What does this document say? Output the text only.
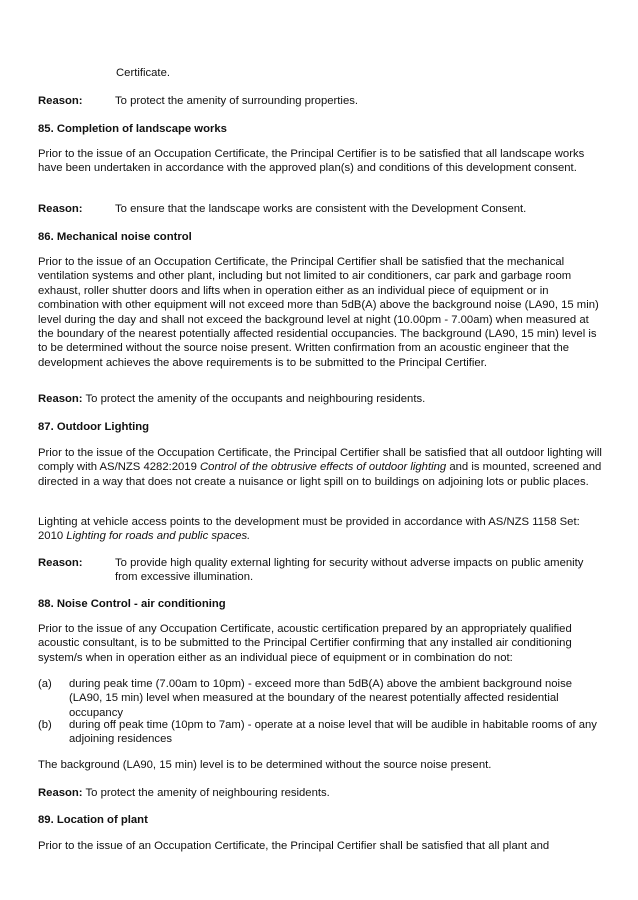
Certificate.

Reason:	To protect the amenity of surrounding properties.

85. Completion of landscape works

Prior to the issue of an Occupation Certificate, the Principal Certifier is to be satisfied that all landscape works have been undertaken in accordance with the approved plan(s) and conditions of this development consent.

Reason:	To ensure that the landscape works are consistent with the Development Consent.

86. Mechanical noise control

Prior to the issue of an Occupation Certificate, the Principal Certifier shall be satisfied that the mechanical ventilation systems and other plant, including but not limited to air conditioners, car park and garbage room exhaust, roller shutter doors and lifts when in operation either as an individual piece of equipment or in combination with other equipment will not exceed more than 5dB(A) above the background noise (LA90, 15 min) level during the day and shall not exceed the background level at night (10.00pm - 7.00am) when measured at the boundary of the nearest potentially affected residential occupancies. The background (LA90, 15 min) level is to be determined without the source noise present. Written confirmation from an acoustic engineer that the development achieves the above requirements is to be submitted to the Principal Certifier.

Reason: To protect the amenity of the occupants and neighbouring residents.

87. Outdoor Lighting

Prior to the issue of the Occupation Certificate, the Principal Certifier shall be satisfied that all outdoor lighting will comply with AS/NZS 4282:2019 Control of the obtrusive effects of outdoor lighting and is mounted, screened and directed in a way that does not create a nuisance or light spill on to buildings on adjoining lots or public places.

Lighting at vehicle access points to the development must be provided in accordance with AS/NZS 1158 Set: 2010 Lighting for roads and public spaces.

Reason:	To provide high quality external lighting for security without adverse impacts on public amenity from excessive illumination.

88. Noise Control - air conditioning

Prior to the issue of any Occupation Certificate, acoustic certification prepared by an appropriately qualified acoustic consultant, is to be submitted to the Principal Certifier confirming that any installed air conditioning system/s when in operation either as an individual piece of equipment or in combination do not:

(a)	during peak time (7.00am to 10pm) - exceed more than 5dB(A) above the ambient background noise (LA90, 15 min) level when measured at the boundary of the nearest potentially affected residential occupancy
(b)	during off peak time (10pm to 7am) - operate at a noise level that will be audible in habitable rooms of any adjoining residences

The background (LA90, 15 min) level is to be determined without the source noise present.

Reason: To protect the amenity of neighbouring residents.

89. Location of plant

Prior to the issue of an Occupation Certificate, the Principal Certifier shall be satisfied that all plant and
